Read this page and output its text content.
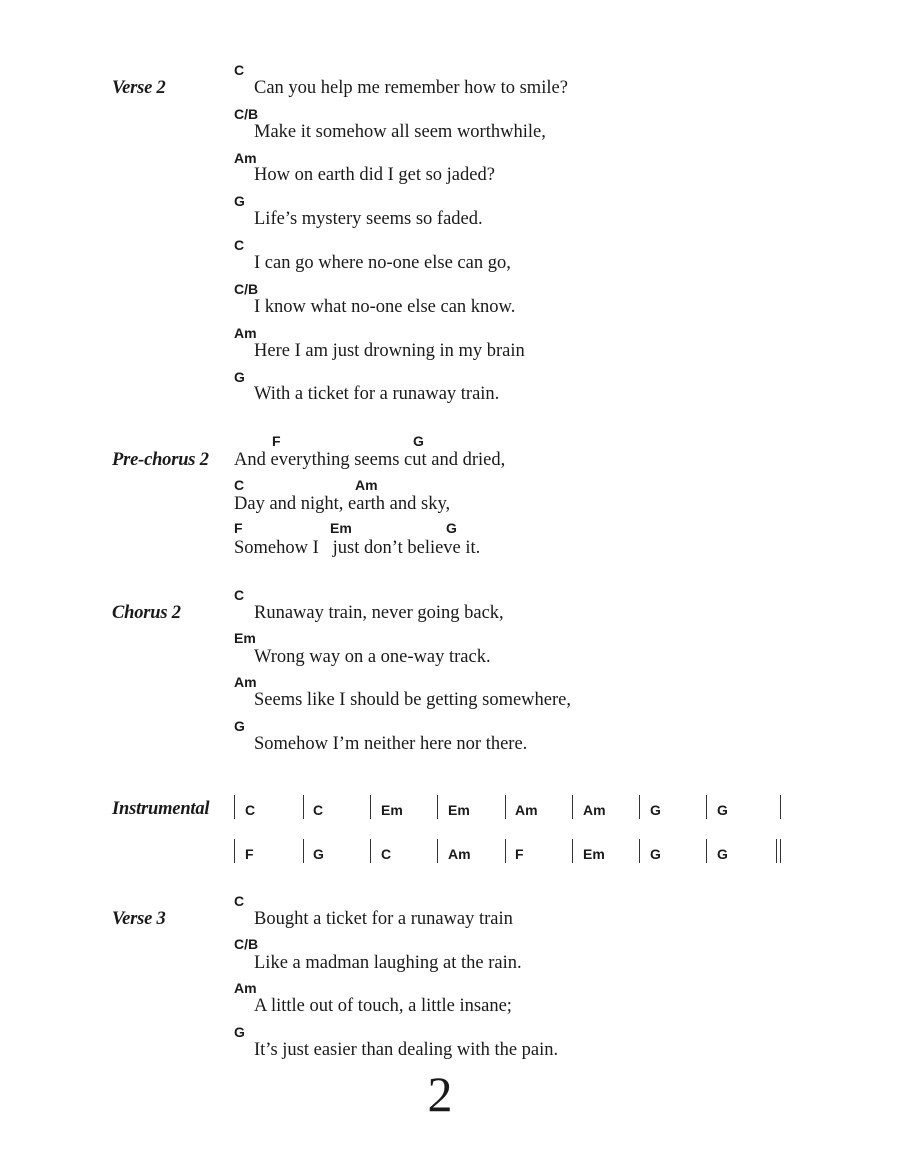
Verse 2
C
Can you help me remember how to smile?
C/B
Make it somehow all seem worthwhile,
Am
How on earth did I get so jaded?
G
Life’s mystery seems so faded.
C
I can go where no-one else can go,
C/B
I know what no-one else can know.
Am
Here I am just drowning in my brain
G
With a ticket for a runaway train.
Pre-chorus 2
F	G
And everything seems cut and dried,
C	Am
Day and night, earth and sky,
F	Em	G
Somehow I   just don’t believe it.
Chorus 2
C
Runaway train, never going back,
Em
Wrong way on a one-way track.
Am
Seems like I should be getting somewhere,
G
Somehow I’m neither here nor there.
Instrumental	C	C	Em	Em	Am	Am	G	G
F	G	C	Am	F	Em	G	G
Verse 3
C
Bought a ticket for a runaway train
C/B
Like a madman laughing at the rain.
Am
A little out of touch, a little insane;
G
It’s just easier than dealing with the pain.
2
